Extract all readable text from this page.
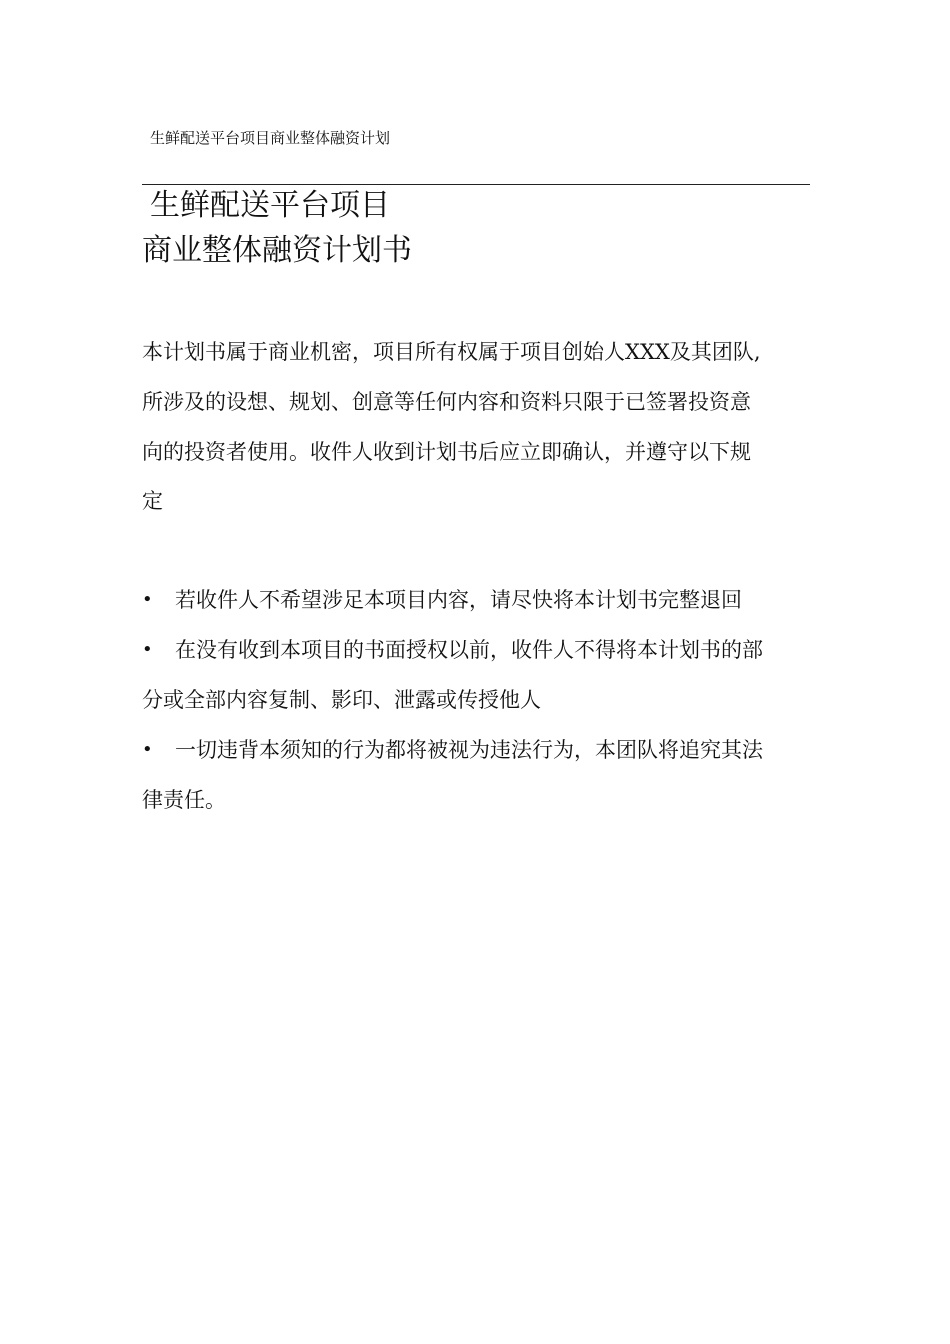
生鲜配送平台项目商业整体融资计划
生鲜配送平台项目
商业整体融资计划书
本计划书属于商业机密，项目所有权属于项目创始人XXX及其团队,
所涉及的设想、规划、创意等任何内容和资料只限于已签署投资意
向的投资者使用。收件人收到计划书后应立即确认，并遵守以下规
定
• 若收件人不希望涉足本项目内容，请尽快将本计划书完整退回
• 在没有收到本项目的书面授权以前，收件人不得将本计划书的部
分或全部内容复制、影印、泄露或传授他人
• 一切违背本须知的行为都将被视为违法行为，本团队将追究其法
律责任。
